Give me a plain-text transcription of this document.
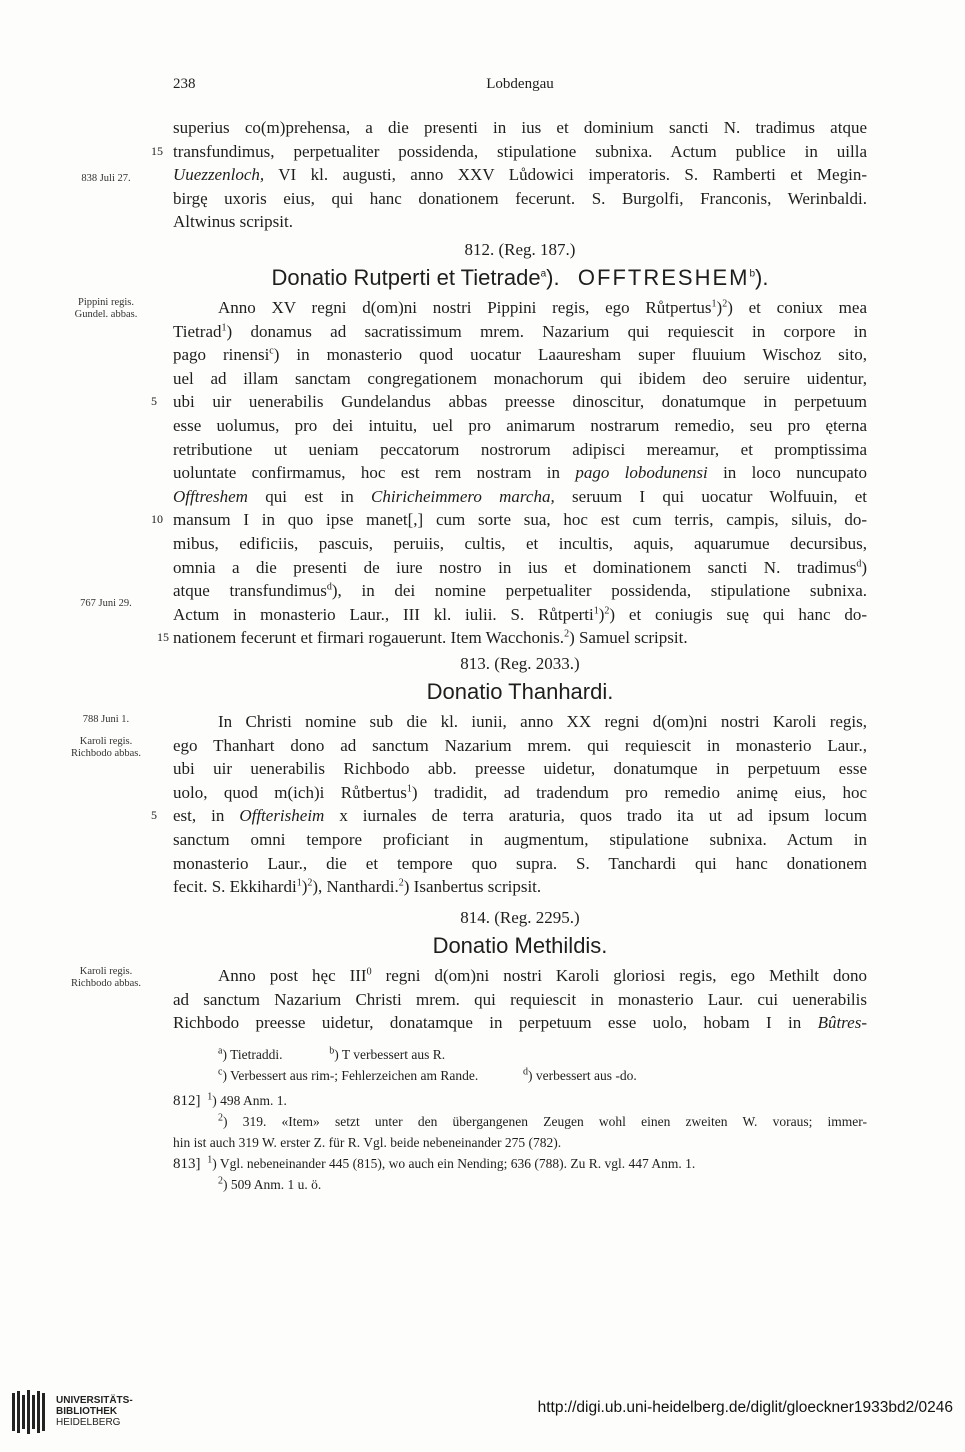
238	Lobdengau
838 Juli 27.
superius co(m)prehensa, a die presenti in ius et dominium sancti N. tradimus atque
15 transfundimus, perpetualiter possidenda, stipulatione subnixa. Actum publice in uilla
Uuezzenloch, VI kl. augusti, anno XXV Lůdowici imperatoris. S. Ramberti et Megin-
birgę uxoris eius, qui hanc donationem fecerunt. S. Burgolfi, Franconis, Werinbaldi.
Altwinus scripsit.
812. (Reg. 187.)
Donatio Rutperti et Tietrade$^a$).   OFFTRESHEM$^b$).
Pippini regis.
Gundel. abbas.
767 Juni 29.
Anno XV regni d(om)ni nostri Pippini regis, ego Růtpertus$^1$)$^2$) et coniux mea
Tietrad$^1$) donamus ad sacratissimum mrem. Nazarium qui requiescit in corpore in
pago rinensi$^c$) in monasterio quod uocatur Laauresham super fluuium Wischoz sito,
uel ad illam sanctam congregationem monachorum qui ibidem deo seruire uidentur,
5 ubi uir uenerabilis Gundelandus abbas preesse dinoscitur, donatumque in perpetuum
esse uolumus, pro dei intuitu, uel pro animarum nostrarum remedio, seu pro ęterna
retributione ut ueniam peccatorum nostrorum adipisci mereamur, et promptissima
uoluntate confirmamus, hoc est rem nostram in pago lobodunensi in loco nuncupato
Offtreshem qui est in Chiricheimmero marcha, seruum I qui uocatur Wolfuuin, et
10 mansum I in quo ipse manet[,] cum sorte sua, hoc est cum terris, campis, siluis, do-
mibus, edificiis, pascuis, peruiis, cultis, et incultis, aquis, aquarumue decursibus,
omnia a die presenti de iure nostro in ius et dominationem sancti N. tradimus$^d$)
atque transfundimus$^d$), in dei nomine perpetualiter possidenda, stipulatione subnixa.
Actum in monasterio Laur., III kl. iulii. S. Růtperti$^1$)$^2$) et coniugis suę qui hanc do-
15 nationem fecerunt et firmari rogauerunt. Item Wacchonis.$^2$) Samuel scripsit.
813. (Reg. 2033.)
Donatio Thanhardi.
788 Juni 1.
Karoli regis.
Richbodo abbas.
In Christi nomine sub die kl. iunii, anno XX regni d(om)ni nostri Karoli regis,
ego Thanhart dono ad sanctum Nazarium mrem. qui requiescit in monasterio Laur.,
ubi uir uenerabilis Richbodo abb. preesse uidetur, donatumque in perpetuum esse
uolo, quod m(ich)i Růtbertus$^1$) tradidit, ad tradendum pro remedio animę eius, hoc
5 est, in Offterisheim x iurnales de terra araturia, quos trado ita ut ad ipsum locum
sanctum omni tempore proficiant in augmentum, stipulatione subnixa. Actum in
monasterio Laur., die et tempore quo supra. S. Tanchardi qui hanc donationem
fecit. S. Ekkihardi$^1$)$^2$), Nanthardi.$^2$) Isanbertus scripsit.
814. (Reg. 2295.)
Donatio Methildis.
Karoli regis.
Richbodo abbas.	Anno post hęc III$^0$ regni d(om)ni nostri Karoli gloriosi regis, ego Methilt dono
ad sanctum Nazarium Christi mrem. qui requiescit in monasterio Laur. cui uenerabilis
Richbodo preesse uidetur, donatamque in perpetuum esse uolo, hobam I in Bûtres-
$^a$) Tietraddi.	$^b$) T verbessert aus R.
$^c$) Verbessert aus rim-; Fehlerzeichen am Rande.	$^d$) verbessert aus -do.
812] $^1$) 498 Anm. 1.
$^2$) 319. «Item» setzt unter den übergangenen Zeugen wohl einen zweiten W. voraus; immer-
hin ist auch 319 W. erster Z. für R. Vgl. beide nebeneinander 275 (782).
813] $^1$) Vgl. nebeneinander 445 (815), wo auch ein Nending; 636 (788). Zu R. vgl. 447 Anm. 1.
$^2$) 509 Anm. 1 u. ö.
UNIVERSITÄTS-
BIBLIOTHEK
HEIDELBERG
http://digi.ub.uni-heidelberg.de/diglit/gloeckner1933bd2/0246
